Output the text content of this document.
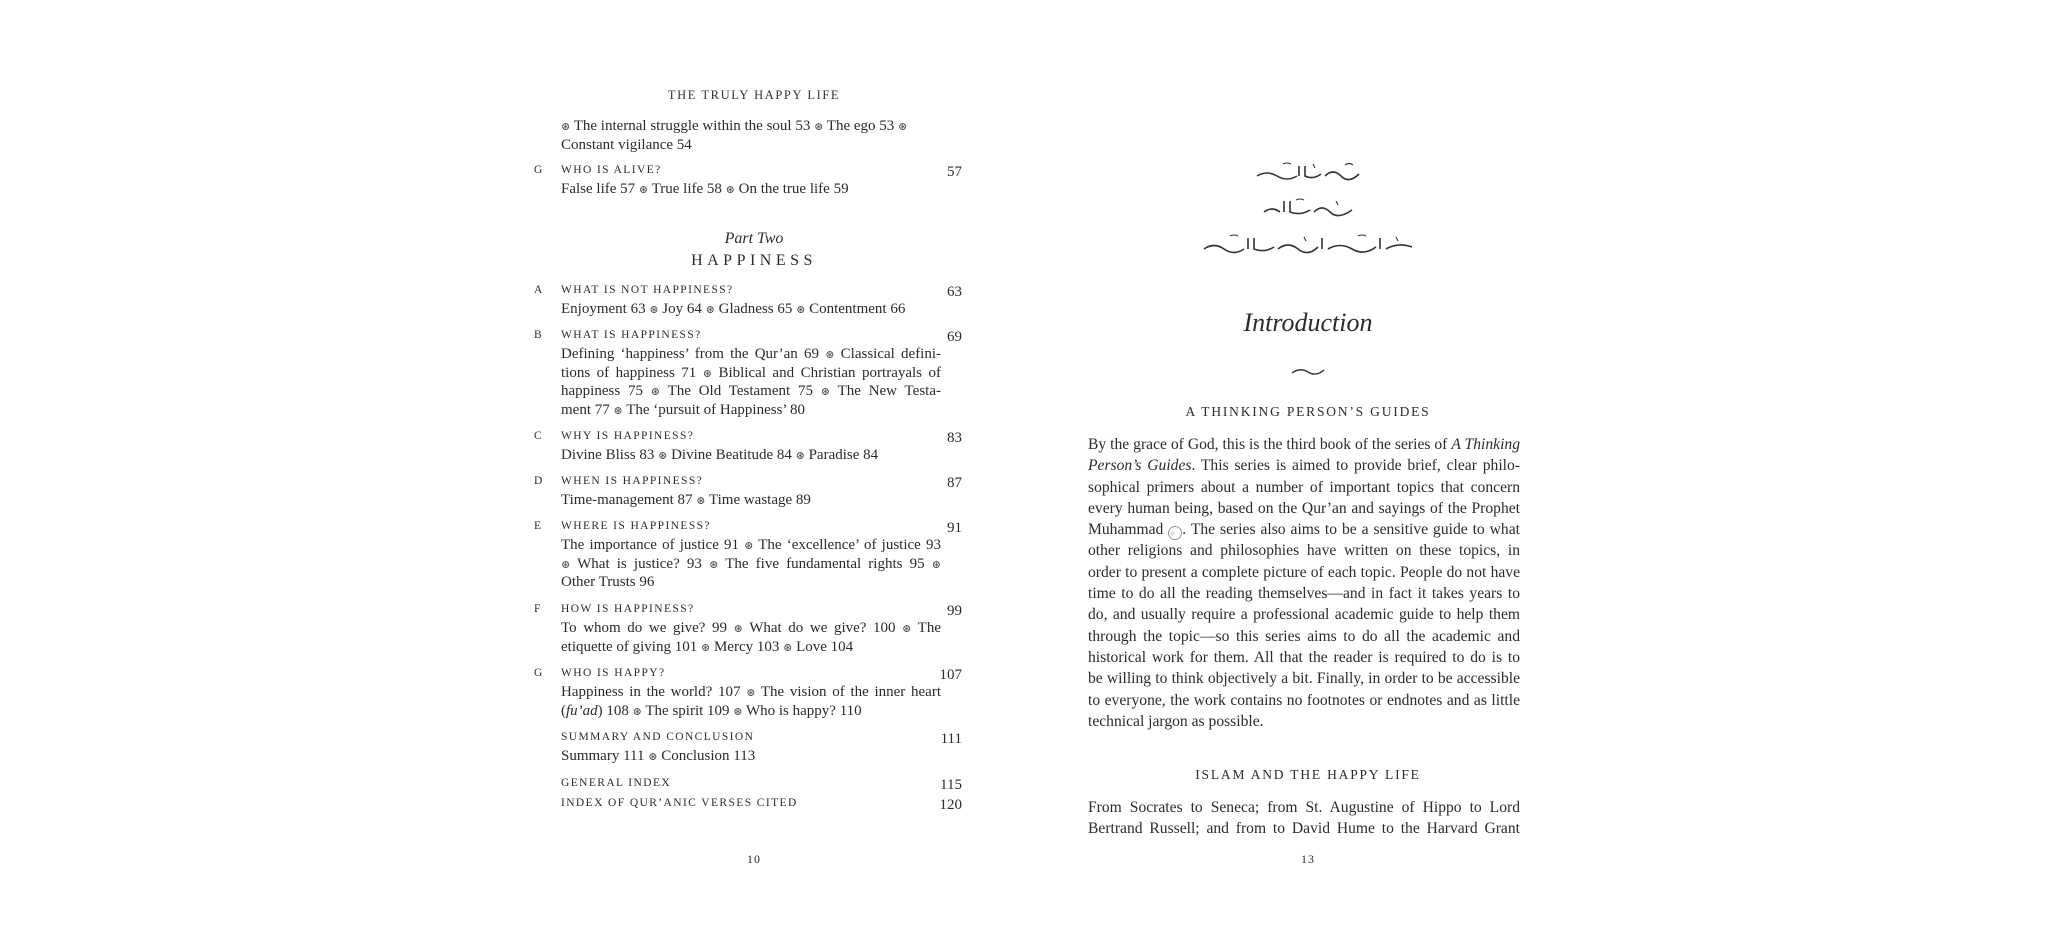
THE TRULY HAPPY LIFE
⊛ The internal struggle within the soul 53 ⊛ The ego 53 ⊛
Constant vigilance 54
G	WHO IS ALIVE?	57
False life 57 ⊛ True life 58 ⊛ On the true life 59
Part Two
HAPPINESS
A	WHAT IS NOT HAPPINESS?	63
Enjoyment 63 ⊛ Joy 64 ⊛ Gladness 65 ⊛ Contentment 66
B	WHAT IS HAPPINESS?	69
Defining ‘happiness’ from the Qur’an 69 ⊛ Classical defini-
tions of happiness 71 ⊛ Biblical and Christian portrayals of
happiness 75 ⊛ The Old Testament 75 ⊛ The New Testa-
ment 77 ⊛ The ‘pursuit of Happiness’ 80
C	WHY IS HAPPINESS?	83
Divine Bliss 83 ⊛ Divine Beatitude 84 ⊛ Paradise 84
D	WHEN IS HAPPINESS?	87
Time-management 87 ⊛ Time wastage 89
E	WHERE IS HAPPINESS?	91
The importance of justice 91 ⊛ The ‘excellence’ of justice 93
⊛ What is justice? 93 ⊛ The five fundamental rights 95 ⊛
Other Trusts 96
F	HOW IS HAPPINESS?	99
To whom do we give? 99 ⊛ What do we give? 100 ⊛ The
etiquette of giving 101 ⊛ Mercy 103 ⊛ Love 104
G	WHO IS HAPPY?	107
Happiness in the world? 107 ⊛ The vision of the inner heart
(fu’ad) 108 ⊛ The spirit 109 ⊛ Who is happy? 110
SUMMARY AND CONCLUSION	111
Summary 111 ⊛ Conclusion 113
GENERAL INDEX	115
INDEX OF QUR’ANIC VERSES CITED	120
10
Introduction
A THINKING PERSON’S GUIDES
By the grace of God, this is the third book of the series of A Thinking
Person’s Guides. This series is aimed to provide brief, clear philo-
sophical primers about a number of important topics that concern
every human being, based on the Qur’an and sayings of the Prophet
Muhammad ☼ . The series also aims to be a sensitive guide to what
other religions and philosophies have written on these topics, in
order to present a complete picture of each topic. People do not have
time to do all the reading themselves—and in fact it takes years to
do, and usually require a professional academic guide to help them
through the topic—so this series aims to do all the academic and
historical work for them. All that the reader is required to do is to
be willing to think objectively a bit. Finally, in order to be accessible
to everyone, the work contains no footnotes or endnotes and as little
technical jargon as possible.
ISLAM AND THE HAPPY LIFE
From Socrates to Seneca; from St. Augustine of Hippo to Lord
Bertrand Russell; and from to David Hume to the Harvard Grant
13
